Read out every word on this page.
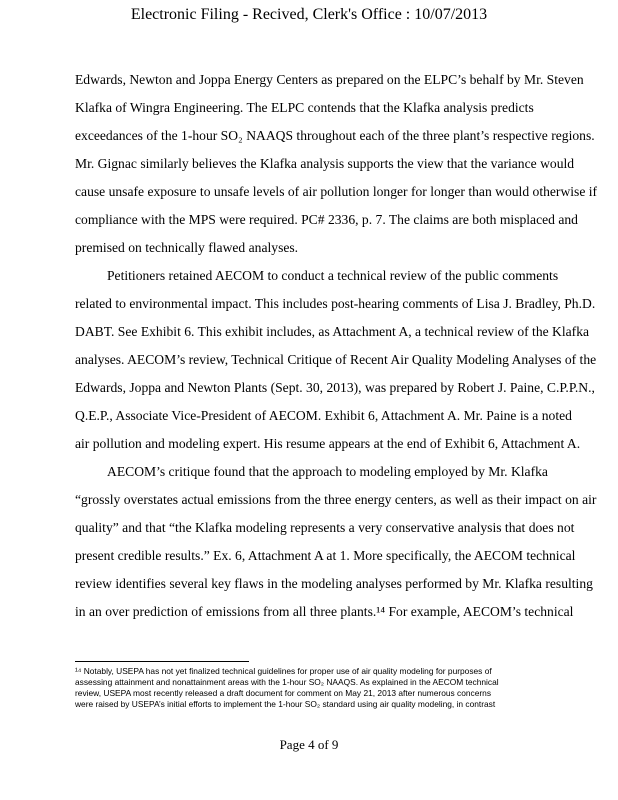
Electronic Filing - Recived, Clerk's Office : 10/07/2013
Edwards, Newton and Joppa Energy Centers as prepared on the ELPC’s behalf by Mr. Steven
Klafka of Wingra Engineering. The ELPC contends that the Klafka analysis predicts
exceedances of the 1-hour SO₂ NAAQS throughout each of the three plant’s respective regions.
Mr. Gignac similarly believes the Klafka analysis supports the view that the variance would
cause unsafe exposure to unsafe levels of air pollution longer for longer than would otherwise if
compliance with the MPS were required. PC# 2336, p. 7. The claims are both misplaced and
premised on technically flawed analyses.
Petitioners retained AECOM to conduct a technical review of the public comments
related to environmental impact. This includes post-hearing comments of Lisa J. Bradley, Ph.D.
DABT. See Exhibit 6. This exhibit includes, as Attachment A, a technical review of the Klafka
analyses. AECOM’s review, Technical Critique of Recent Air Quality Modeling Analyses of the
Edwards, Joppa and Newton Plants (Sept. 30, 2013), was prepared by Robert J. Paine, C.P.P.N.,
Q.E.P., Associate Vice-President of AECOM. Exhibit 6, Attachment A. Mr. Paine is a noted
air pollution and modeling expert. His resume appears at the end of Exhibit 6, Attachment A.
AECOM’s critique found that the approach to modeling employed by Mr. Klafka
“grossly overstates actual emissions from the three energy centers, as well as their impact on air
quality” and that “the Klafka modeling represents a very conservative analysis that does not
present credible results.” Ex. 6, Attachment A at 1. More specifically, the AECOM technical
review identifies several key flaws in the modeling analyses performed by Mr. Klafka resulting
in an over prediction of emissions from all three plants.¹⁴ For example, AECOM’s technical
¹⁴ Notably, USEPA has not yet finalized technical guidelines for proper use of air quality modeling for purposes of
assessing attainment and nonattainment areas with the 1-hour SO₂ NAAQS. As explained in the AECOM technical
review, USEPA most recently released a draft document for comment on May 21, 2013 after numerous concerns
were raised by USEPA’s initial efforts to implement the 1-hour SO₂ standard using air quality modeling, in contrast
Page 4 of 9
